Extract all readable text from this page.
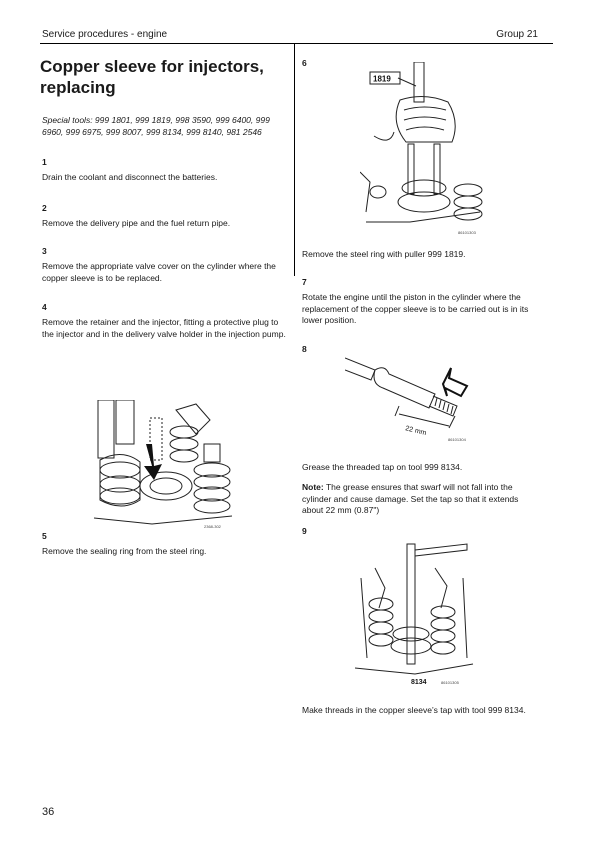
Service procedures - engine	Group 21
Copper sleeve for injectors, replacing
Special tools: 999 1801, 999 1819, 998 3590, 999 6400, 999 6960, 999 6975, 999 8007, 999 8134, 999 8140, 981 2546
1
Drain the coolant and disconnect the batteries.
2
Remove the delivery pipe and the fuel return pipe.
3
Remove the appropriate valve cover on the cylinder where the copper sleeve is to be replaced.
4
Remove the retainer and the injector, fitting a protective plug to the injector and in the delivery valve holder in the injection pump.
2368-302
5
Remove the sealing ring from the steel ring.
6
1819
86101303
Remove the steel ring with puller 999 1819.
7
Rotate the engine until the piston in the cylinder where the replacement of the copper sleeve is to be carried out is in its lower position.
8
22 mm
86101304
Grease the threaded tap on tool 999 8134.
Note: The grease ensures that swarf will not fall into the cylinder and cause damage. Set the tap so that it extends about 22 mm (0.87")
9
8134	86101305
Make threads in the copper sleeve’s tap with tool 999 8134.
36
